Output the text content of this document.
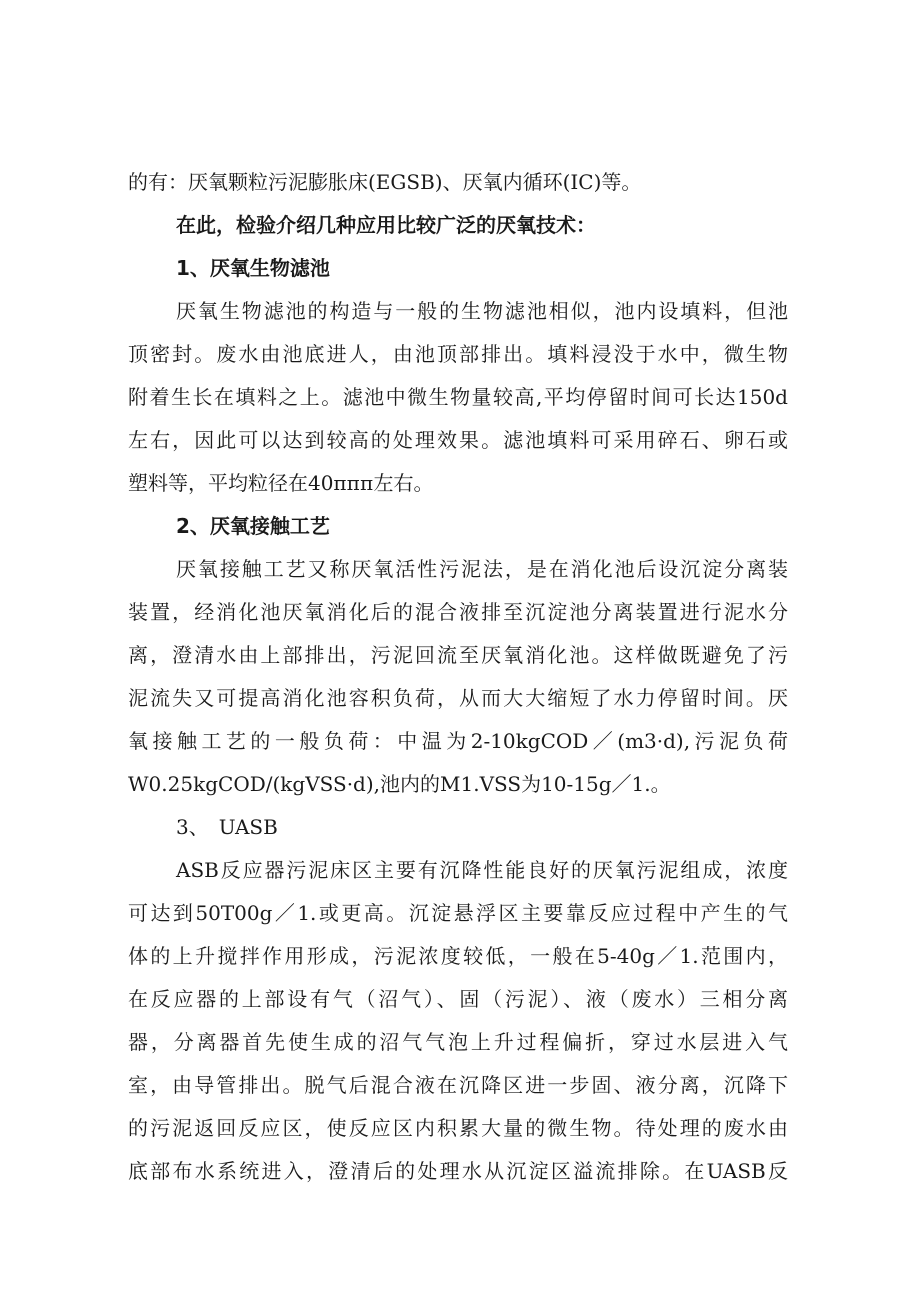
的有：厌氧颗粒污泥膨胀床(EGSB)、厌氧内循环(IC)等。
在此，检验介绍几种应用比较广泛的厌氧技术：
1、厌氧生物滤池
厌氧生物滤池的构造与一般的生物滤池相似，池内设填料，但池
顶密封。废水由池底进人，由池顶部排出。填料浸没于水中，微生物
附着生长在填料之上。滤池中微生物量较高,平均停留时间可长达150d
左右，因此可以达到较高的处理效果。滤池填料可采用碎石、卵石或
塑料等，平均粒径在40ппп左右。
2、厌氧接触工艺
厌氧接触工艺又称厌氧活性污泥法，是在消化池后设沉淀分离装
装置，经消化池厌氧消化后的混合液排至沉淀池分离装置进行泥水分
离，澄清水由上部排出，污泥回流至厌氧消化池。这样做既避免了污
泥流失又可提高消化池容积负荷，从而大大缩短了水力停留时间。厌
氧接触工艺的一般负荷：中温为2-10kgCOD／(m3·d),污泥负荷
W0.25kgCOD/(kgVSS·d),池内的M1.VSS为10-15g／1.。
3、　UASB
ASB反应器污泥床区主要有沉降性能良好的厌氧污泥组成，浓度
可达到50T00g／1.或更高。沉淀悬浮区主要靠反应过程中产生的气
体的上升搅拌作用形成，污泥浓度较低，一般在5-40g／1.范围内，
在反应器的上部设有气（沼气）、固（污泥）、液（废水）三相分离
器，分离器首先使生成的沼气气泡上升过程偏折，穿过水层进入气
室，由导管排出。脱气后混合液在沉降区进一步固、液分离，沉降下
的污泥返回反应区，使反应区内积累大量的微生物。待处理的废水由
底部布水系统进入，澄清后的处理水从沉淀区溢流排除。在UASB反
